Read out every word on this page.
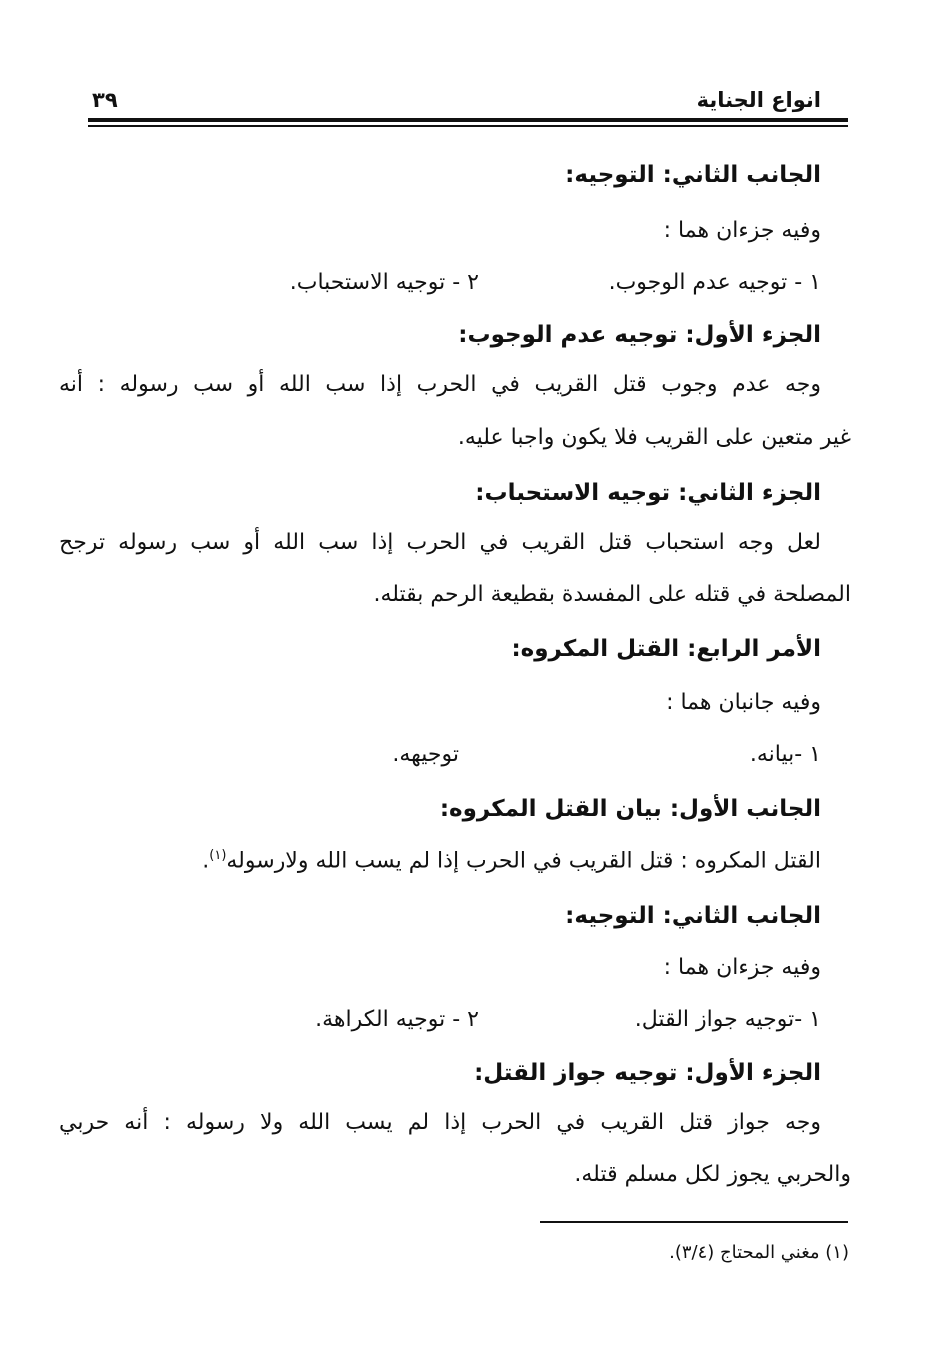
انواع الجناية
٣٩
الجانب الثاني: التوجيه:
وفيه جزءان هما :
١ - توجيه عدم الوجوب.
٢ - توجيه الاستحباب.
الجزء الأول: توجيه عدم الوجوب:
وجه عدم وجوب قتل القريب في الحرب إذا سب الله أو سب رسوله : أنه
غير متعين على القريب فلا يكون واجبا عليه.
الجزء الثاني: توجيه الاستحباب:
لعل وجه استحباب قتل القريب في الحرب إذا سب الله أو سب رسوله ترجح
المصلحة في قتله على المفسدة بقطيعة الرحم بقتله.
الأمر الرابع: القتل المكروه:
وفيه جانبان هما :
١ -بيانه.
توجيهه.
الجانب الأول: بيان القتل المكروه:
القتل المكروه : قتل القريب في الحرب إذا لم يسب الله ولارسوله$^{(١)}$.
الجانب الثاني: التوجيه:
وفيه جزءان هما :
١ -توجيه جواز القتل.
٢ - توجيه الكراهة.
الجزء الأول: توجيه جواز القتل:
وجه جواز قتل القريب في الحرب إذا لم يسب الله ولا رسوله : أنه حربي
والحربي يجوز لكل مسلم قتله.
(١) مغني المحتاج (٣/٤).
